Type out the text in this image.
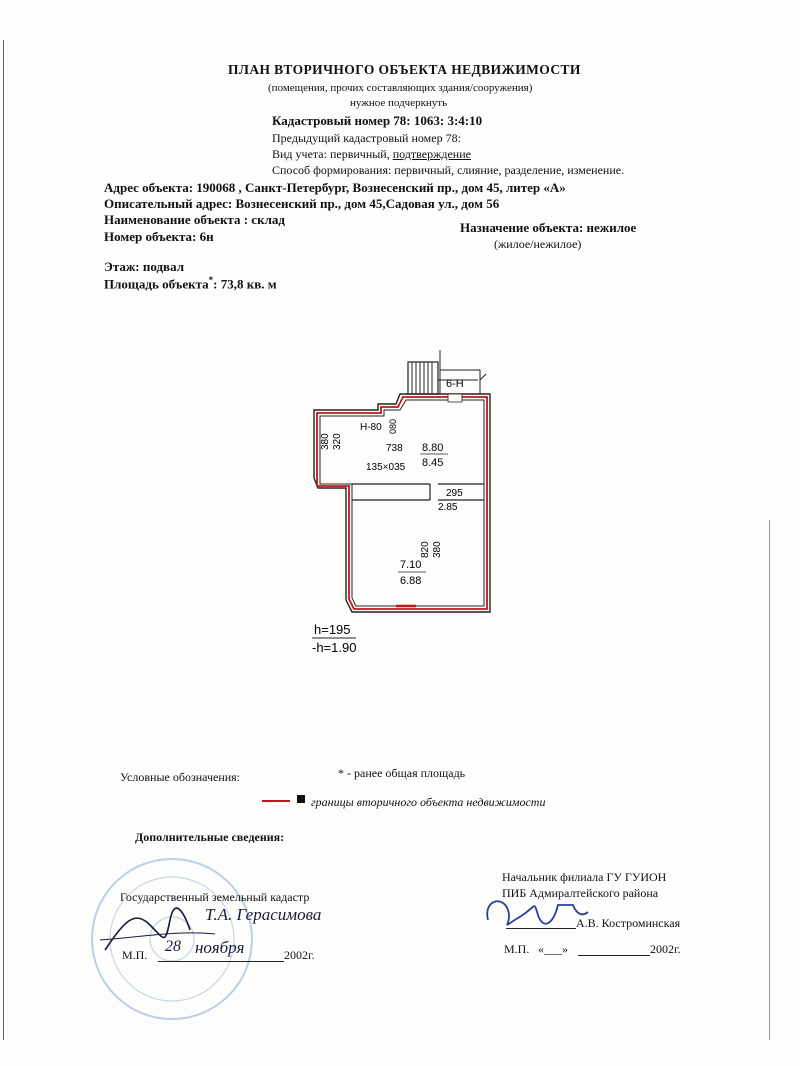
ПЛАН ВТОРИЧНОГО ОБЪЕКТА НЕДВИЖИМОСТИ
(помещения, прочих составляющих здания/сооружения)
нужное подчеркнуть
Кадастровый номер 78: 1063: 3:4:10
Предыдущий кадастровый номер 78:
Вид учета: первичный, подтверждение
Способ формирования: первичный, слияние, разделение, изменение.
Адрес объекта: 190068 , Санкт-Петербург, Вознесенский пр., дом 45, литер «А»
Описательный адрес: Вознесенский пр., дом 45,Садовая ул., дом 56
Наименование объекта : склад
Номер объекта: 6н
Назначение объекта: нежилое
(жилое/нежилое)
Этаж: подвал
Площадь объекта*: 73,8 кв. м
6-Н
Н-80 080
380 320	738 8.80
8.45
135×035
295
2.85
820 380
7.10
6.88
h=195
-h=1.90
Условные обозначения:	* - ранее общая площадь
границы вторичного объекта недвижимости
Дополнительные сведения:
Государственный земельный кадастр
Т.А. Герасимова
М.П. 28 ноября	2002г.
Начальник филиала ГУ ГУИОН
ПИБ Адмиралтейского района
А.В. Костроминская
М.П. «___»	2002г.
